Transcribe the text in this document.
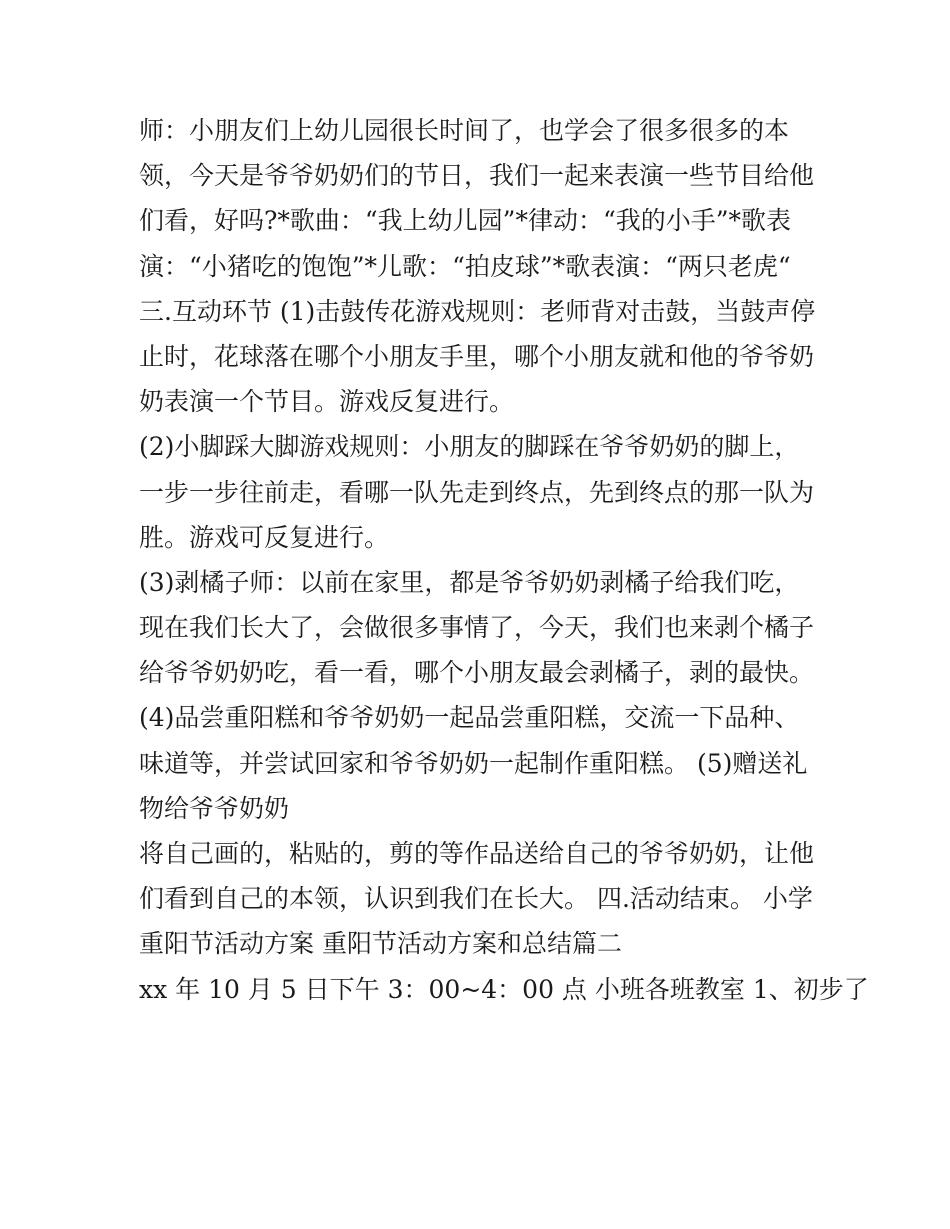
师：小朋友们上幼儿园很长时间了，也学会了很多很多的本
领，今天是爷爷奶奶们的节日，我们一起来表演一些节目给他
们看，好吗?*歌曲：“我上幼儿园”*律动：“我的小手”*歌表
演：“小猪吃的饱饱”*儿歌：“拍皮球”*歌表演：“两只老虎“
三.互动环节 (1)击鼓传花游戏规则：老师背对击鼓，当鼓声停
止时，花球落在哪个小朋友手里，哪个小朋友就和他的爷爷奶
奶表演一个节目。游戏反复进行。
(2)小脚踩大脚游戏规则：小朋友的脚踩在爷爷奶奶的脚上，
一步一步往前走，看哪一队先走到终点，先到终点的那一队为
胜。游戏可反复进行。
(3)剥橘子师：以前在家里，都是爷爷奶奶剥橘子给我们吃，
现在我们长大了，会做很多事情了，今天，我们也来剥个橘子
给爷爷奶奶吃，看一看，哪个小朋友最会剥橘子，剥的最快。
(4)品尝重阳糕和爷爷奶奶一起品尝重阳糕，交流一下品种、
味道等，并尝试回家和爷爷奶奶一起制作重阳糕。 (5)赠送礼
物给爷爷奶奶
将自己画的，粘贴的，剪的等作品送给自己的爷爷奶奶，让他
们看到自己的本领，认识到我们在长大。 四.活动结束。 小学
重阳节活动方案 重阳节活动方案和总结篇二
xx 年 10 月 5 日下午 3：00~4：00 点 小班各班教室 1、初步了
